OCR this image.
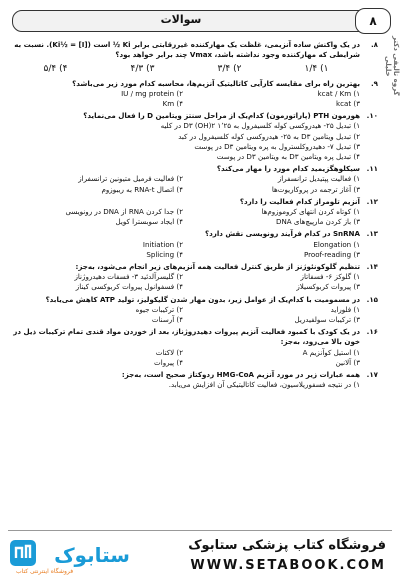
سوالات	۸
گروه تالیفی دکتر خلیلی
۸.
در یک واکنش ساده آنزیمی، غلظت یک مهارکننده غیررقابتی برابر Ki ½ است ([I] = ½Ki). نسبت به شرایطی که مهارکننده وجود نداشته باشد، Vmax چند برابر خواهد بود؟
۱) ۱/۴
۲) ۳/۴
۳) ۴/۳
۴) ۵/۴
۹.
بهترین راه برای مقایسه کارآیی کاتالیتیک آنزیم‌ها، محاسبه کدام مورد زیر می‌باشد؟
۱) kcat / Km
۲) IU / mg protein
۳) kcat
۴) Km
۱۰.
هورمون PTH (پاراتورمون) کدام‌یک از مراحل سنتز ویتامین D را فعال می‌نماید؟
۱) تبدیل ۲۵- هیدروکسی کوله کلسیفرول به D۳ (OH)۲ ۱٬۲۵ در کلیه
۲) تبدیل ویتامین D۳ به ۲۵- هیدروکسی کوله کلسیفرول در کبد
۳) تبدیل ۷- دهیدروکلسترول به پره ویتامین D۳ در پوست
۴) تبدیل پره ویتامین D۳ به ویتامین D۳ در پوست
۱۱.
سیکلوهگزیمید کدام مورد را مهار می‌کند؟
۱) فعالیت پپتیدیل ترانسفراز
۲) فعالیت فرمیل متیونین ترانسفراز
۳) آغاز ترجمه در پروکاریوت‌ها
۴) اتصال RNA-t به ریبوزوم
۱۲.
آنزیم تلومراز کدام فعالیت را دارد؟
۱) کوتاه کردن انتهای کروموزوم‌ها
۲) جدا کردن RNA از DNA در رونویسی
۳) باز کردن مارپیچ‌های DNA
۴) ایجاد سوبسترا کویل
۱۳.
SnRNA در کدام فرآیند رونویسی نقش دارد؟
۱) Elongation
۲) Initiation
۳) Proof-reading
۴) Splicing
۱۴.
تنظیم گلوکونئوژنز از طریق کنترل فعالیت همه آنزیم‌های زیر انجام می‌شود، به‌جز:
۱) گلوکز ۶- فسفاتاز
۲) گلیسرآلدئید ۳- فسفات دهیدروژناز
۳) پیروات کربوکسیلاز
۴) فسفوانول پیروات کربوکسی کیناز
۱۵.
در مسمومیت با کدام‌یک از عوامل زیر، بدون مهار شدن گلیکولیز، تولید ATP کاهش می‌یابد؟
۱) فلوراید
۲) ترکیبات جیوه
۳) ترکیبات سولفیدریل
۴) آرسنات
۱۶.
در یک کودک با کمبود فعالیت آنزیم پیروات دهیدروژناز، بعد از خوردن مواد قندی تمام ترکیبات ذیل در خون بالا می‌رود، به‌جز:
۱) استیل کوآنزیم A
۲) لاکتات
۳) آلانین
۴) پیروات
۱۷.
همه عبارات زیر در مورد آنزیم HMG-CoA ردوکتاز صحیح است، به‌جز:
۱) در نتیجه فسفوریلاسیون، فعالیت کاتالیتیکی آن افزایش می‌یابد.
ستابوک
فروشگاه اینترنتی کتاب
فروشگاه کتاب پزشکی ستابوک
WWW.SETABOOK.COM
